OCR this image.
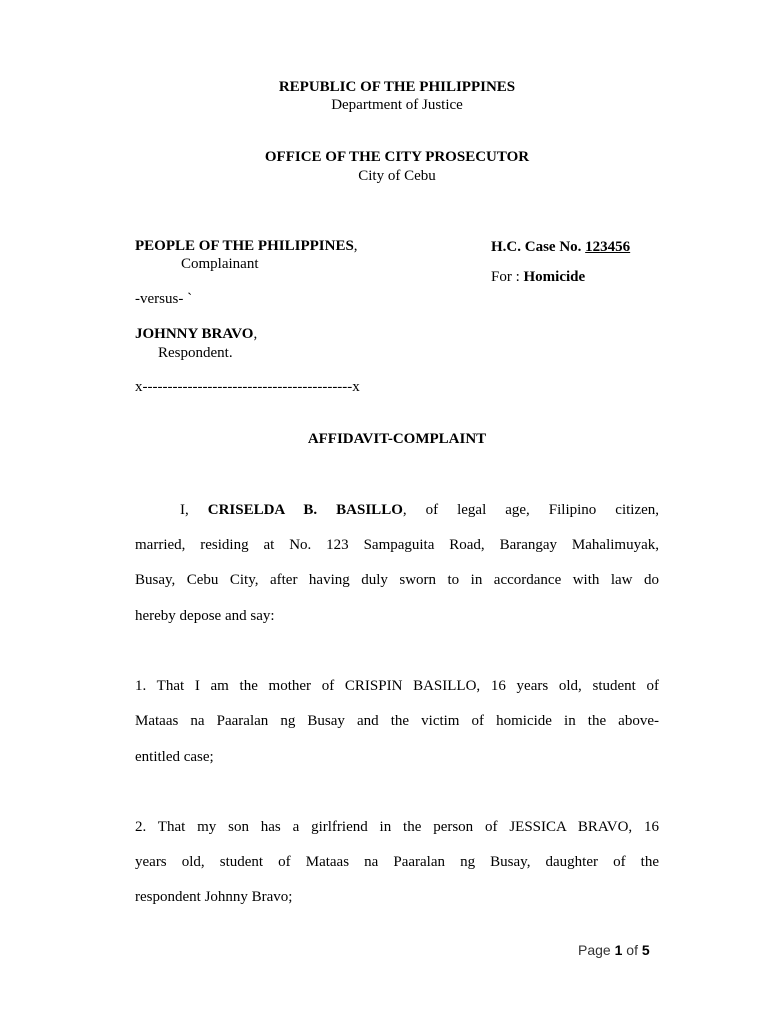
REPUBLIC OF THE PHILIPPINES
Department of Justice
OFFICE OF THE CITY PROSECUTOR
City of Cebu
PEOPLE OF THE PHILIPPINES,
Complainant
-versus- `
JOHNNY BRAVO,
Respondent.
x------------------------------------------x
H.C. Case No. 123456
For : Homicide
AFFIDAVIT-COMPLAINT
I, CRISELDA B. BASILLO, of legal age, Filipino citizen,
married, residing at No. 123 Sampaguita Road, Barangay Mahalimuyak,
Busay, Cebu City, after having duly sworn to in accordance with law do
hereby depose and say:
1. That I am the mother of CRISPIN BASILLO, 16 years old, student of
Mataas na Paaralan ng Busay and the victim of homicide in the above-
entitled case;
2. That my son has a girlfriend in the person of JESSICA BRAVO, 16
years old, student of Mataas na Paaralan ng Busay, daughter of the
respondent Johnny Bravo;
Page 1 of 5
